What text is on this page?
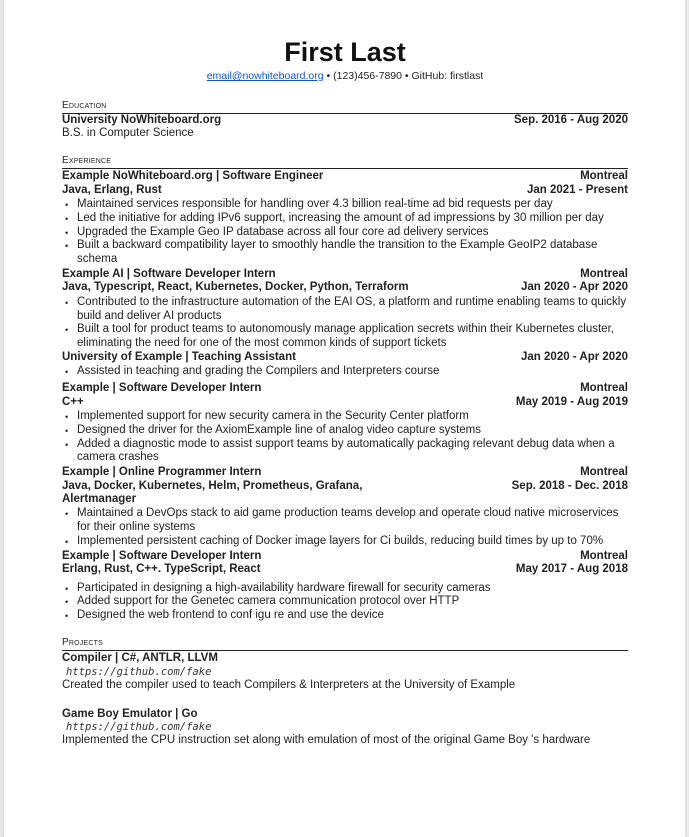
First Last
email@nowhiteboard.org • (123)456-7890 • GitHub: firstlast
Education
University NoWhiteboard.org	Sep. 2016 - Aug 2020
B.S. in Computer Science
Experience
Example NoWhiteboard.org | Software Engineer	Montreal
Java, Erlang, Rust	Jan 2021 - Present
• Maintained services responsible for handling over 4.3 billion real-time ad bid requests per day
• Led the initiative for adding IPv6 support, increasing the amount of ad impressions by 30 million per day
• Upgraded the Example Geo IP database across all four core ad delivery services
• Built a backward compatibility layer to smoothly handle the transition to the Example GeoIP2 database schema
Example AI | Software Developer Intern	Montreal
Java, Typescript, React, Kubernetes, Docker, Python, Terraform	Jan 2020 - Apr 2020
• Contributed to the infrastructure automation of the EAI OS, a platform and runtime enabling teams to quickly build and deliver AI products
• Built a tool for product teams to autonomously manage application secrets within their Kubernetes cluster, eliminating the need for one of the most common kinds of support tickets
University of Example | Teaching Assistant	Jan 2020 - Apr 2020
• Assisted in teaching and grading the Compilers and Interpreters course
Example | Software Developer Intern	Montreal
C++	May 2019 - Aug 2019
• Implemented support for new security camera in the Security Center platform
• Designed the driver for the AxiomExample line of analog video capture systems
• Added a diagnostic mode to assist support teams by automatically packaging relevant debug data when a camera crashes
Example | Online Programmer Intern	Montreal
Java, Docker, Kubernetes, Helm, Prometheus, Grafana, Alertmanager
Sep. 2018 - Dec. 2018
• Maintained a DevOps stack to aid game production teams develop and operate cloud native microservices for their online systems
• Implemented persistent caching of Docker image layers for Ci builds, reducing build times by up to 70%
Example | Software Developer Intern	Montreal
Erlang, Rust, C++. TypeScript, React	May 2017 - Aug 2018
• Participated in designing a high-availability hardware firewall for security cameras
• Added support for the Genetec camera communication protocol over HTTP
• Designed the web frontend to conf igu re and use the device
Projects
Compiler | C#, ANTLR, LLVM
https://github.com/fake
Created the compiler used to teach Compilers & Interpreters at the University of Example
Game Boy Emulator | Go
https://github.com/fake
Implemented the CPU instruction set along with emulation of most of the original Game Boy 's hardware
